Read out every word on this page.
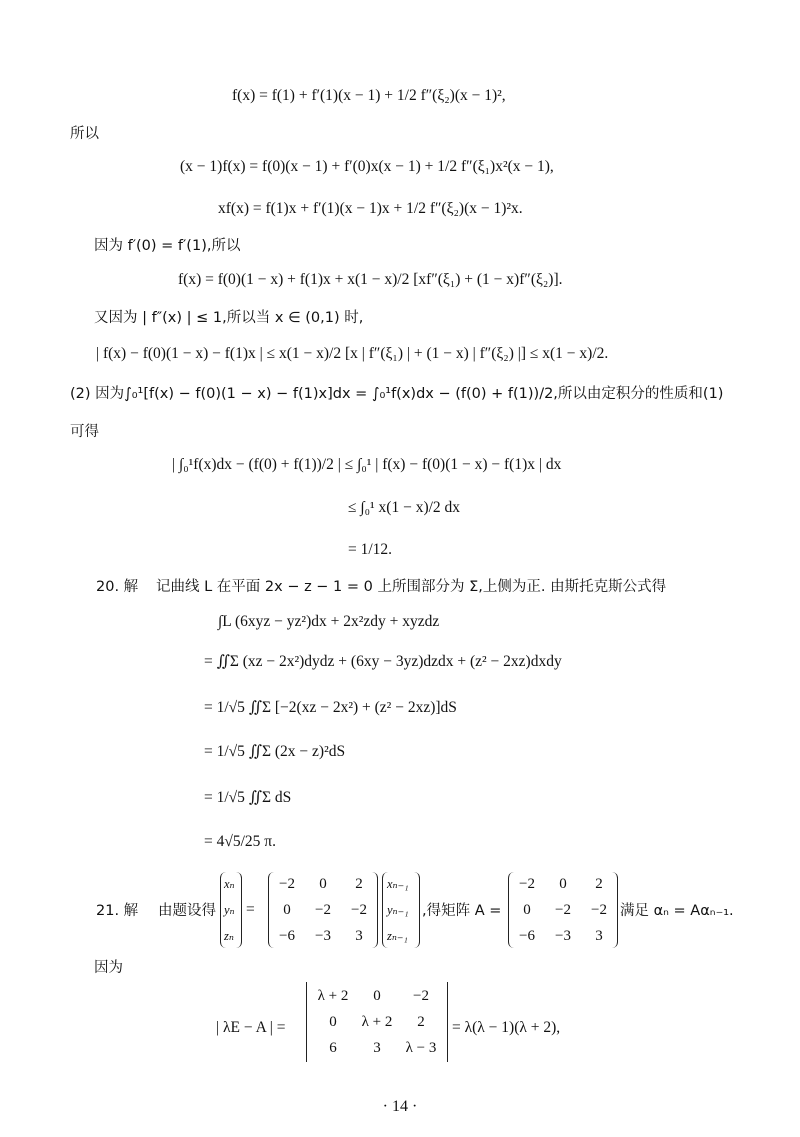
f(x) = f(1) + f′(1)(x − 1) + 1/2 f″(ξ₂)(x − 1)²,
所以
(x − 1)f(x) = f(0)(x − 1) + f′(0)x(x − 1) + 1/2 f″(ξ₁)x²(x − 1),
xf(x) = f(1)x + f′(1)(x − 1)x + 1/2 f″(ξ₂)(x − 1)²x.
因为 f′(0) = f′(1),所以
f(x) = f(0)(1 − x) + f(1)x + x(1 − x)/2 [xf″(ξ₁) + (1 − x)f″(ξ₂)].
又因为 | f″(x) | ≤ 1,所以当 x ∈ (0,1) 时,
| f(x) − f(0)(1 − x) − f(1)x | ≤ x(1 − x)/2 [x | f″(ξ₁) | + (1 − x) | f″(ξ₂) |] ≤ x(1 − x)/2.
(2) 因为∫₀¹[f(x) − f(0)(1 − x) − f(1)x]dx = ∫₀¹f(x)dx − (f(0) + f(1))/2,所以由定积分的性质和(1)
可得
| ∫₀¹f(x)dx − (f(0) + f(1))/2 | ≤ ∫₀¹ | f(x) − f(0)(1 − x) − f(1)x | dx
≤ ∫₀¹ x(1 − x)/2 dx
= 1/12.
20. 解 记曲线 L 在平面 2x − z − 1 = 0 上所围部分为 Σ,上侧为正. 由斯托克斯公式得
∫L (6xyz − yz²)dx + 2x²zdy + xyzdz
= ∬Σ (xz − 2x²)dydz + (6xy − 3yz)dzdx + (z² − 2xz)dxdy
= 1/√5 ∬Σ [−2(xz − 2x²) + (z² − 2xz)]dS
= 1/√5 ∬Σ (2x − z)²dS
= 1/√5 ∬Σ dS
= 4√5/25 π.
21. 解 由题设得
xₙ
yₙ
zₙ
=
−2	0	2
0	−2	−2
−6	−3	3
xₙ₋₁
yₙ₋₁
zₙ₋₁
,得矩阵 A =
−2	0	2
0	−2	−2
−6	−3	3
满足 αₙ = Aαₙ₋₁.
因为
| λE − A | =
λ + 2	0	−2
0	λ + 2	2
6	3	λ − 3
= λ(λ − 1)(λ + 2),
· 14 ·
